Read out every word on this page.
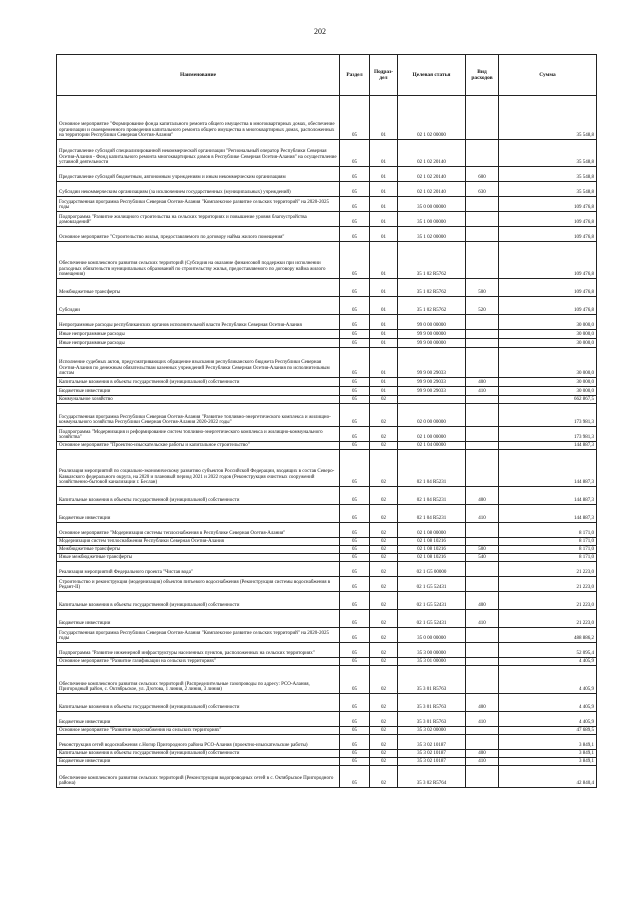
202
Наименование	Раздел	Подраз-дел	Целевая статья	Вид расходов	Сумма
Основное мероприятие "Формирование фонда капитального ремонта общего имущества в многоквартирных домах, обеспечение организации и своевременного проведения капитального ремонта общего имущества в многоквартирных домах, расположенных на территории Республики Северная Осетия-Алания"	05	01	02 1 02 00000		35 548,8
Предоставление субсидий специализированной некоммерческой организации "Региональный оператор Республики Северная Осетия-Алания - Фонд капитального ремонта многоквартирных домов в Республике Северная Осетия-Алания" на осуществление уставной деятельности	05	01	02 1 02 20140		35 548,8
Предоставление субсидий бюджетным, автономным учреждениям и иным некоммерческим организациям	05	01	02 1 02 20140	600	35 548,8
Субсидии некоммерческим организациям (за исключением государственных (муниципальных) учреждений)	05	01	02 1 02 20140	630	35 548,8
Государственная программа Республики Северная Осетия-Алания "Комплексное развитие сельских территорий" на 2020-2025 годы	05	01	35 0 00 00000		109 476,8
Подпрограмма "Развитие жилищного строительства на сельских территориях и повышение уровня благоустройства домовладений"	05	01	35 1 00 00000		109 476,8
Основное мероприятие "Строительство жилья, предоставляемого по договору найма жилого помещения"	05	01	35 1 02 00000		109 476,8
Обеспечение комплексного развития сельских территорий (Субсидия на оказание финансовой поддержки при исполнении расходных обязательств муниципальных образований по строительству жилья, предоставляемого по договору найма жилого помещения)	05	01	35 1 02 R5762		109 476,8
Межбюджетные трансферты	05	01	35 1 02 R5762	500	109 476,8
Субсидии	05	01	35 1 02 R5762	520	109 476,8
Непрограммные расходы республиканских органов исполнительной власти Республики Северная Осетия-Алания	05	01	99 0 00 00000		30 000,0
Иные непрограммные расходы	05	01	99 9 00 00000		30 000,0
Иные непрограммные расходы	05	01	99 9 00 00000		30 000,0
Исполнение судебных актов, предусматривающих обращение взыскания республиканского бюджета Республики Северная Осетия-Алания по денежным обязательствам казенных учреждений Республики Северная Осетия-Алания по исполнительным листам	05	01	99 9 00 29033		30 000,0
Капитальные вложения в объекты государственной (муниципальной) собственности	05	01	99 9 00 29033	400	30 000,0
Бюджетные инвестиции	05	01	99 9 00 29033	410	30 000,0
Коммунальное хозяйство	05	02			662 867,5
Государственная программа Республики Северная Осетия-Алания "Развитие топливно-энергетического комплекса и жилищно-коммунального хозяйства Республики Северная Осетия-Алания 2020-2022 годы"	05	02	02 0 00 00000		173 981,3
Подпрограмма "Модернизация и реформирование систем топливно-энергетического комплекса и жилищно-коммунального хозяйства"	05	02	02 1 00 00000		173 981,3
Основное мероприятие "Проектно-изыскательские работы и капитальное строительство"	05	02	02 1 04 00000		144 887,3
Реализация мероприятий по социально-экономическому развитию субъектов Российской Федерации, входящих в состав Северо-Кавказского федерального округа, на 2020 и плановый период 2021 и 2022 годов (Реконструкция очистных сооружений хозяйственно-бытовой канализации г. Беслан)	05	02	02 1 04 R5231		144 887,3
Капитальные вложения в объекты государственной (муниципальной) собственности	05	02	02 1 04 R5231	400	144 887,3
Бюджетные инвестиции	05	02	02 1 04 R5231	410	144 887,3
Основное мероприятие "Модернизация системы теплоснабжения в Республике Северная Осетия-Алания"	05	02	02 1 08 00000		8 171,0
Модернизация систем теплоснабжения Республики Северная Осетия-Алания	05	02	02 1 08 10216		8 171,0
Межбюджетные трансферты	05	02	02 1 08 10216	500	8 171,0
Иные межбюджетные трансферты	05	02	02 1 08 10216	540	8 171,0
Реализация мероприятий Федерального проекта "Чистая вода"	05	02	02 1 G5 00000		21 223,0
Строительство и реконструкция (модернизация) объектов питьевого водоснабжения (Реконструкция системы водоснабжения в Редант-II)	05	02	02 1 G5 52431		21 223,0
Капитальные вложения в объекты государственной (муниципальной) собственности	05	02	02 1 G5 52431	400	21 223,0
Бюджетные инвестиции	05	02	02 1 G5 52431	410	21 223,0
Государственная программа Республики Северная Осетия-Алания "Комплексное развитие сельских территорий" на 2020-2025 годы	05	02	35 0 00 00000		488 886,2
Подпрограмма "Развитие инженерной инфраструктуры населенных пунктов, расположенных на сельских территориях"	05	02	35 3 00 00000		52 095,4
Основное мероприятие "Развитие газификации на сельских территориях"	05	02	35 3 01 00000		4 405,9
Обеспечение комплексного развития сельских территорий (Распределительные газопроводы по адресу: РСО-Алания, Пригородный район, с. Октябрьское, ул. Дзотова, 1 линия, 2 линия, 3 линия)	05	02	35 3 01 R5763		4 405,9
Капитальные вложения в объекты государственной (муниципальной) собственности	05	02	35 3 01 R5763	400	4 405,9
Бюджетные инвестиции	05	02	35 3 01 R5763	410	4 405,9
Основное мероприятие "Развитие водоснабжения на сельских территориях"	05	02	35 3 02 00000		47 689,5
Реконструкция сетей водоснабжения с.Ногир Пригородного района РСО-Алания (проектно-изыскательские работы)	05	02	35 3 02 10187		3 849,1
Капитальные вложения в объекты государственной (муниципальной) собственности	05	02	35 3 02 10187	400	3 849,1
Бюджетные инвестиции	05	02	35 3 02 10187	410	3 849,1
Обеспечение комплексного развития сельских территорий (Реконструкция водопроводных сетей в с. Октябрьское Пригородного района)	05	02	35 3 02 R5764		42 840,4
